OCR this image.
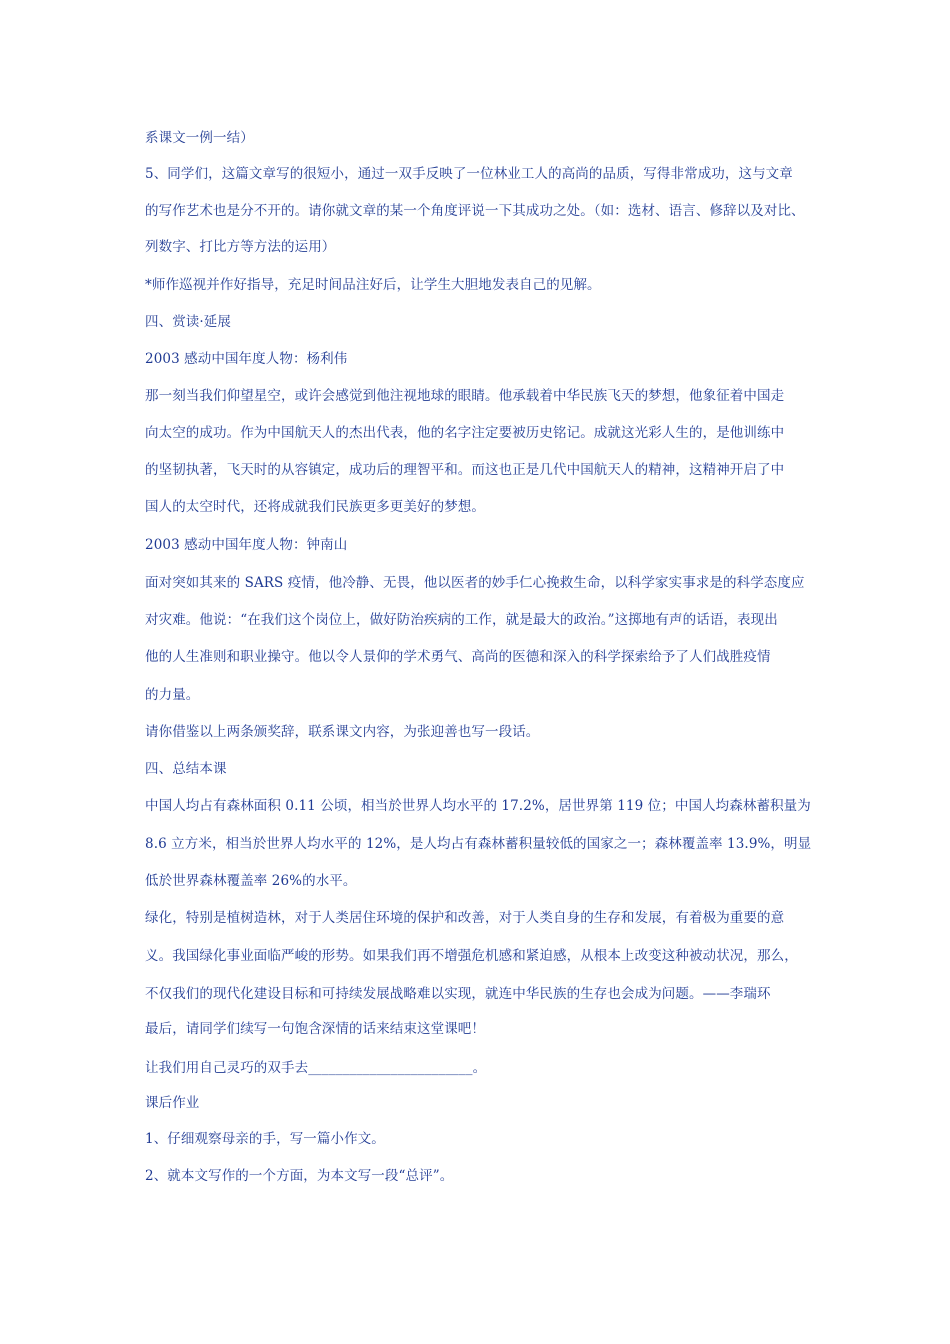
系课文一例一结）
5、同学们，这篇文章写的很短小，通过一双手反映了一位林业工人的高尚的品质，写得非常成功，这与文章
的写作艺术也是分不开的。请你就文章的某一个角度评说一下其成功之处。（如：选材、语言、修辞以及对比、
列数字、打比方等方法的运用）
*师作巡视并作好指导，充足时间品注好后，让学生大胆地发表自己的见解。
四、赏读·延展
2003 感动中国年度人物：杨利伟
那一刻当我们仰望星空，或许会感觉到他注视地球的眼睛。他承载着中华民族飞天的梦想，他象征着中国走
向太空的成功。作为中国航天人的杰出代表，他的名字注定要被历史铭记。成就这光彩人生的，是他训练中
的坚韧执著，飞天时的从容镇定，成功后的理智平和。而这也正是几代中国航天人的精神，这精神开启了中
国人的太空时代，还将成就我们民族更多更美好的梦想。
2003 感动中国年度人物：钟南山
面对突如其来的 SARS 疫情，他冷静、无畏，他以医者的妙手仁心挽救生命，以科学家实事求是的科学态度应
对灾难。他说：“在我们这个岗位上，做好防治疾病的工作，就是最大的政治。”这掷地有声的话语，表现出
他的人生准则和职业操守。他以令人景仰的学术勇气、高尚的医德和深入的科学探索给予了人们战胜疫情
的力量。
请你借鉴以上两条颁奖辞，联系课文内容，为张迎善也写一段话。
四、总结本课
中国人均占有森林面积 0.11 公顷，相当於世界人均水平的 17.2%，居世界第 119 位；中国人均森林蓄积量为
8.6 立方米，相当於世界人均水平的 12%，是人均占有森林蓄积量较低的国家之一；森林覆盖率 13.9%，明显
低於世界森林覆盖率 26%的水平。
绿化，特别是植树造林，对于人类居住环境的保护和改善，对于人类自身的生存和发展，有着极为重要的意
义。我国绿化事业面临严峻的形势。如果我们再不增强危机感和紧迫感，从根本上改变这种被动状况，那么，
不仅我们的现代化建设目标和可持续发展战略难以实现，就连中华民族的生存也会成为问题。——李瑞环
最后，请同学们续写一句饱含深情的话来结束这堂课吧！
让我们用自己灵巧的双手去________________________。
课后作业
1、仔细观察母亲的手，写一篇小作文。
2、就本文写作的一个方面，为本文写一段“总评”。
